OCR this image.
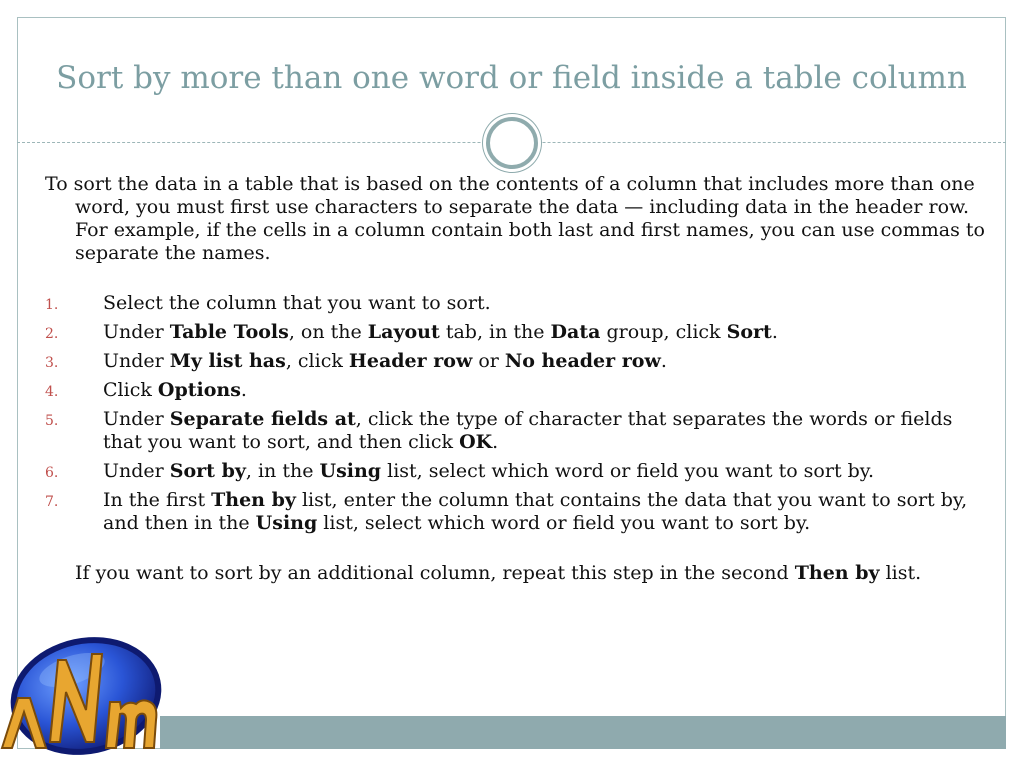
Sort by more than one word or field inside a table column

To sort the data in a table that is based on the contents of a column that includes more than one word, you must first use characters to separate the data — including data in the header row. For example, if the cells in a column contain both last and first names, you can use commas to separate the names.

1. Select the column that you want to sort.
2. Under Table Tools, on the Layout tab, in the Data group, click Sort.
3. Under My list has, click Header row or No header row.
4. Click Options.
5. Under Separate fields at, click the type of character that separates the words or fields that you want to sort, and then click OK.
6. Under Sort by, in the Using list, select which word or field you want to sort by.
7. In the first Then by list, enter the column that contains the data that you want to sort by, and then in the Using list, select which word or field you want to sort by.

If you want to sort by an additional column, repeat this step in the second Then by list.
